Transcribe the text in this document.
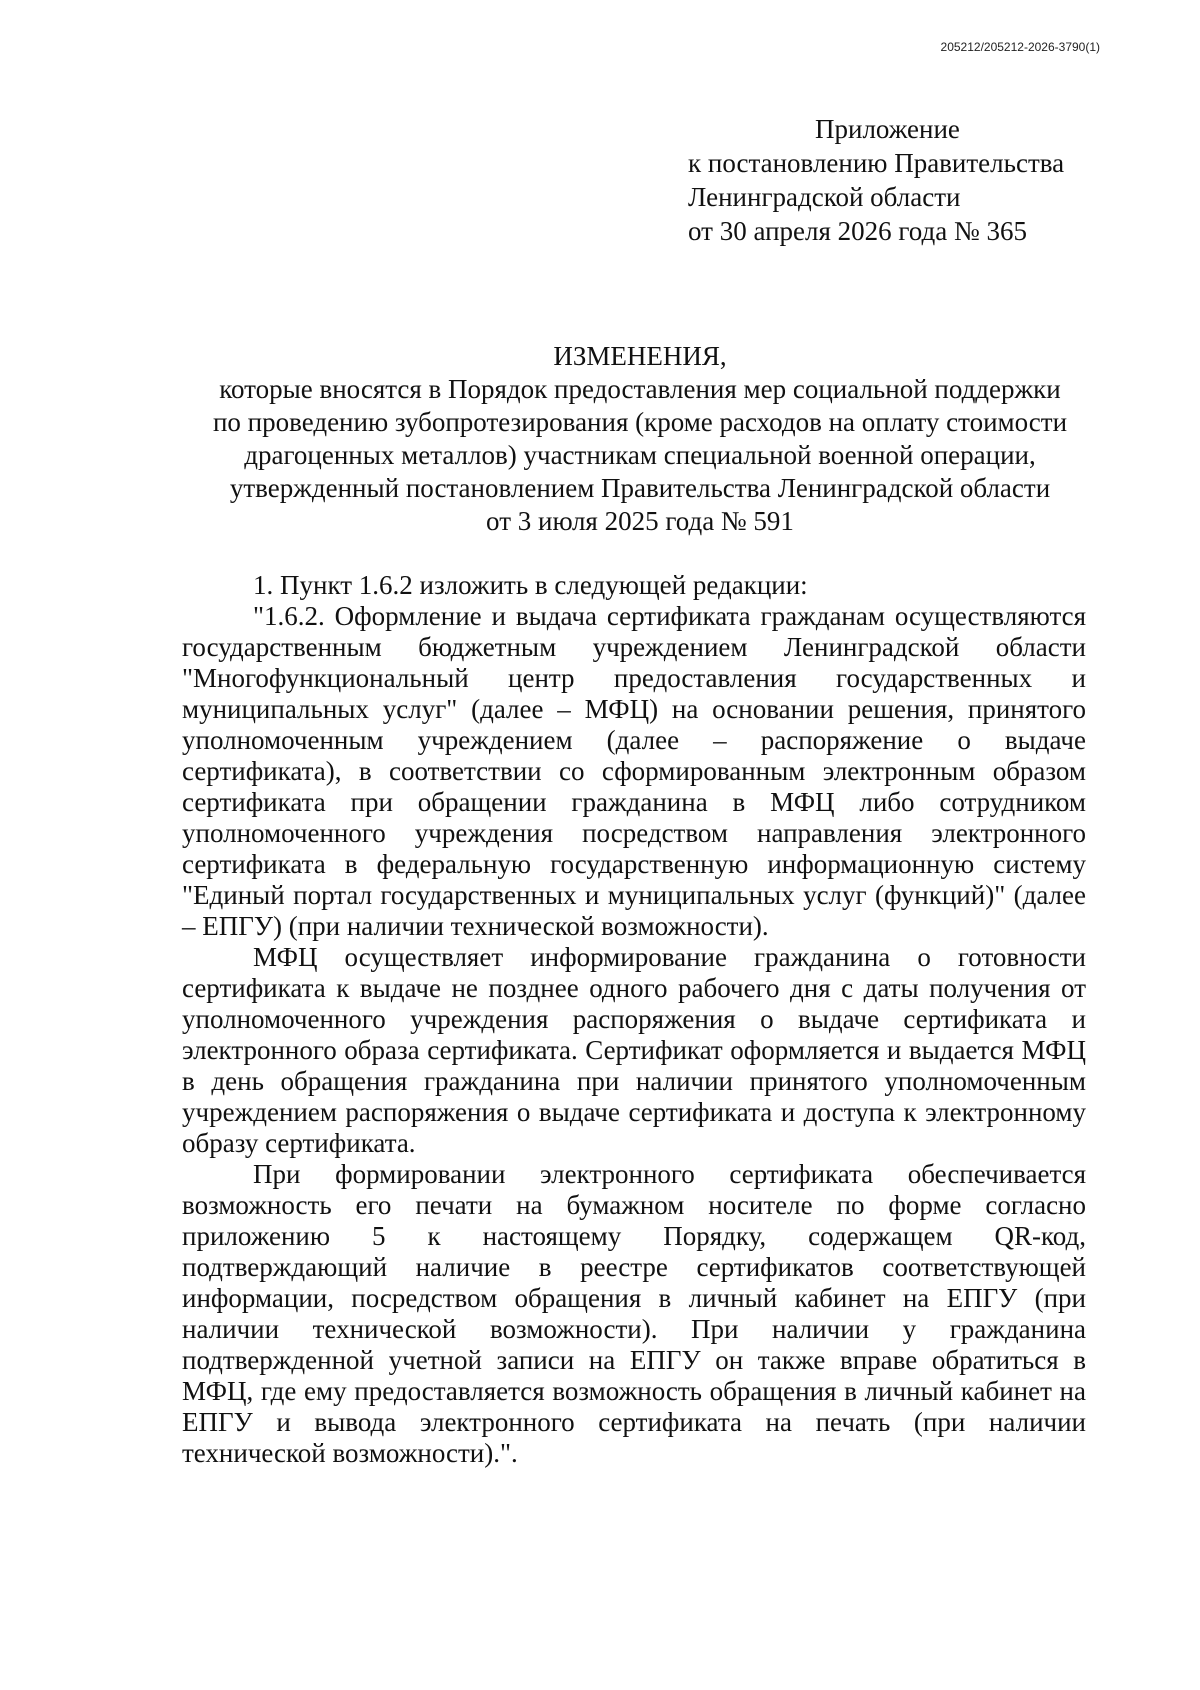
205212/205212-2026-3790(1)
Приложение
к постановлению Правительства
Ленинградской области
от 30 апреля 2026 года № 365
ИЗМЕНЕНИЯ,
которые вносятся в Порядок предоставления мер социальной поддержки
по проведению зубопротезирования (кроме расходов на оплату стоимости
драгоценных металлов) участникам специальной военной операции,
утвержденный постановлением Правительства Ленинградской области
от 3 июля 2025 года № 591

1. Пункт 1.6.2 изложить в следующей редакции:

"1.6.2. Оформление и выдача сертификата гражданам осуществляются государственным бюджетным учреждением Ленинградской области "Многофункциональный центр предоставления государственных и муниципальных услуг" (далее – МФЦ) на основании решения, принятого уполномоченным учреждением (далее – распоряжение о выдаче сертификата), в соответствии со сформированным электронным образом сертификата при обращении гражданина в МФЦ либо сотрудником уполномоченного учреждения посредством направления электронного сертификата в федеральную государственную информационную систему "Единый портал государственных и муниципальных услуг (функций)" (далее – ЕПГУ) (при наличии технической возможности).

МФЦ осуществляет информирование гражданина о готовности сертификата к выдаче не позднее одного рабочего дня с даты получения от уполномоченного учреждения распоряжения о выдаче сертификата и электронного образа сертификата. Сертификат оформляется и выдается МФЦ в день обращения гражданина при наличии принятого уполномоченным учреждением распоряжения о выдаче сертификата и доступа к электронному образу сертификата.

При формировании электронного сертификата обеспечивается возможность его печати на бумажном носителе по форме согласно приложению 5 к настоящему Порядку, содержащем QR-код, подтверждающий наличие в реестре сертификатов соответствующей информации, посредством обращения в личный кабинет на ЕПГУ (при наличии технической возможности). При наличии у гражданина подтвержденной учетной записи на ЕПГУ он также вправе обратиться в МФЦ, где ему предоставляется возможность обращения в личный кабинет на ЕПГУ и вывода электронного сертификата на печать (при наличии технической возможности).".
